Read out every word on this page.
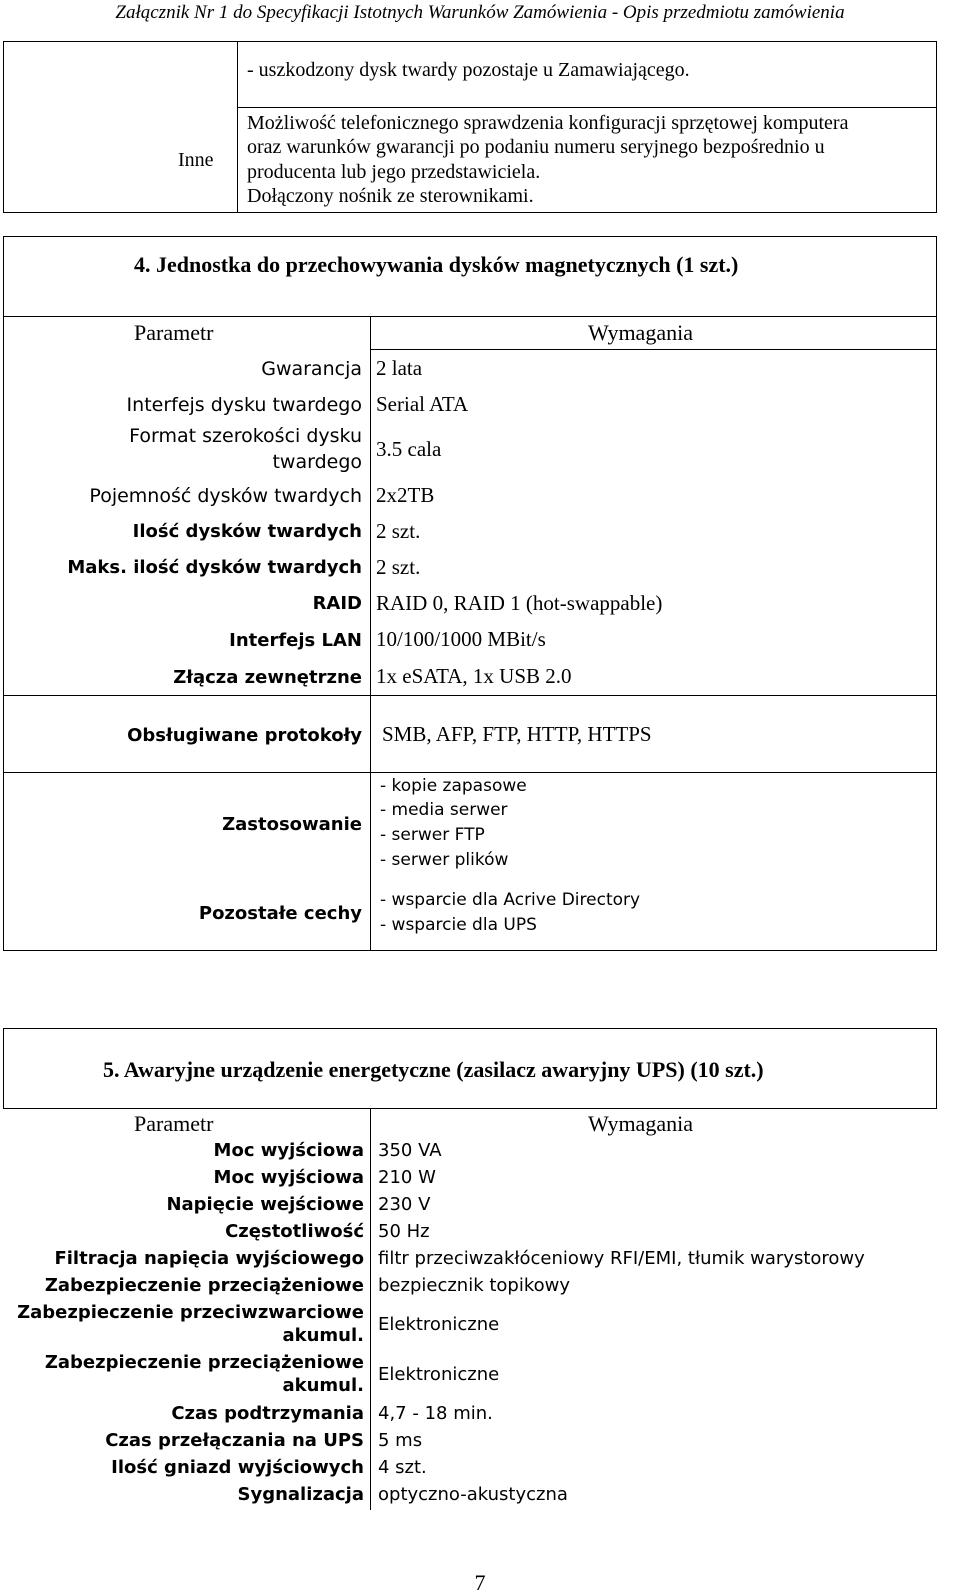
Załącznik Nr 1 do Specyfikacji Istotnych Warunków Zamówienia - Opis przedmiotu zamówienia
- uszkodzony dysk twardy pozostaje u Zamawiającego.
Inne
Możliwość telefonicznego sprawdzenia konfiguracji sprzętowej komputera
oraz warunków gwarancji po podaniu numeru seryjnego bezpośrednio u
producenta lub jego przedstawiciela.
Dołączony nośnik ze sterownikami.
4. Jednostka do przechowywania dysków magnetycznych (1 szt.)
Parametr	Wymagania
Gwarancja
Interfejs dysku twardego
Format szerokości dysku
twardego
Pojemność dysków twardych
Ilość dysków twardych
Maks. ilość dysków twardych
RAID
Interfejs LAN
Złącza zewnętrzne
Obsługiwane protokoły
Zastosowanie
Pozostałe cechy
2 lata
Serial ATA
3.5 cala
2x2TB
2 szt.
2 szt.
RAID 0, RAID 1 (hot-swappable)
10/100/1000 MBit/s
1x eSATA, 1x USB 2.0
SMB, AFP, FTP, HTTP, HTTPS
- kopie zapasowe
- media serwer
- serwer FTP
- serwer plików
- wsparcie dla Acrive Directory
- wsparcie dla UPS
5. Awaryjne urządzenie energetyczne (zasilacz awaryjny UPS) (10 szt.)
Parametr	Wymagania
Moc wyjściowa
Moc wyjściowa
Napięcie wejściowe
Częstotliwość
Filtracja napięcia wyjściowego
Zabezpieczenie przeciążeniowe
Zabezpieczenie przeciwzwarciowe
akumul.
Zabezpieczenie przeciążeniowe
akumul.
Czas podtrzymania
Czas przełączania na UPS
Ilość gniazd wyjściowych
Sygnalizacja
350 VA
210 W
230 V
50 Hz
filtr przeciwzakłóceniowy RFI/EMI, tłumik warystorowy
bezpiecznik topikowy
Elektroniczne
Elektroniczne
4,7 - 18 min.
5 ms
4 szt.
optyczno-akustyczna
7
